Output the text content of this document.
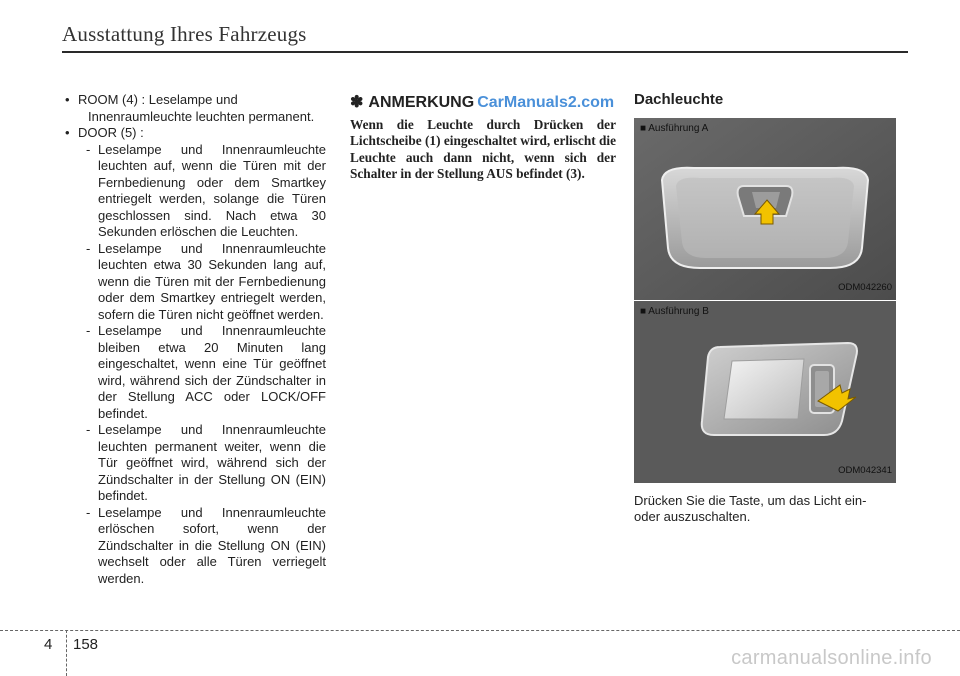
Ausstattung Ihres Fahrzeugs
• ROOM (4) : Leselampe und
Innenraumleuchte leuchten permanent.
• DOOR (5) :
- Leselampe und Innenraumleuchte leuchten auf, wenn die Türen mit der Fernbedienung oder dem Smartkey entriegelt werden, solange die Türen geschlossen sind. Nach etwa 30 Sekunden erlöschen die Leuchten.
- Leselampe und Innenraumleuchte leuchten etwa 30 Sekunden lang auf, wenn die Türen mit der Fernbedienung oder dem Smartkey entriegelt werden, sofern die Türen nicht geöffnet werden.
- Leselampe und Innenraumleuchte bleiben etwa 20 Minuten lang eingeschaltet, wenn eine Tür geöffnet wird, während sich der Zündschalter in der Stellung ACC oder LOCK/OFF befindet.
- Leselampe und Innenraumleuchte leuchten permanent weiter, wenn die Tür geöffnet wird, während sich der Zündschalter in der Stellung ON (EIN) befindet.
- Leselampe und Innenraumleuchte erlöschen sofort, wenn der Zündschalter in die Stellung ON (EIN) wechselt oder alle Türen verriegelt werden.
✽ ANMERKUNG CarManuals2.com
Wenn die Leuchte durch Drücken der Lichtscheibe (1) eingeschaltet wird, erlischt die Leuchte auch dann nicht, wenn sich der Schalter in der Stellung AUS befindet (3).
Dachleuchte
■ Ausführung A
ODM042260
■ Ausführung B
ODM042341
Drücken Sie die Taste, um das Licht ein- oder auszuschalten.
4 158
carmanualsonline.info
